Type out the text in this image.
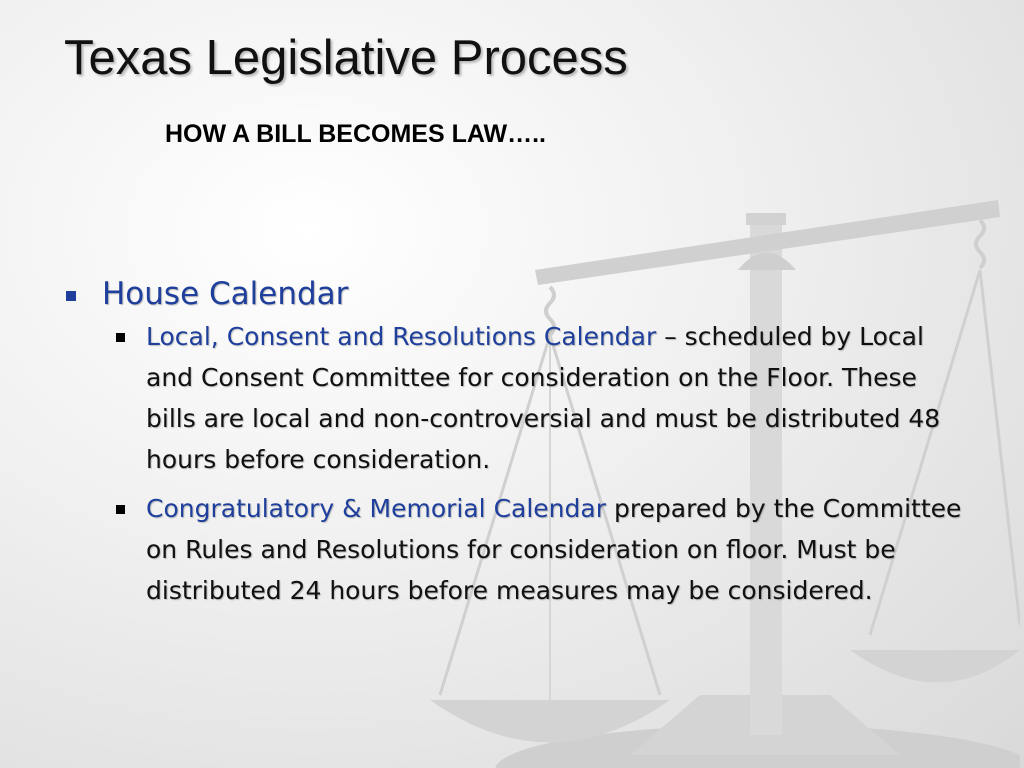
Texas Legislative Process
HOW A BILL BECOMES LAW…..
House Calendar
Local, Consent and Resolutions Calendar – scheduled by Local and Consent Committee for consideration on the Floor. These bills are local and non-controversial and must be distributed 48 hours before consideration.
Congratulatory & Memorial Calendar prepared by the Committee on Rules and Resolutions for consideration on floor. Must be distributed 24 hours before measures may be considered.
